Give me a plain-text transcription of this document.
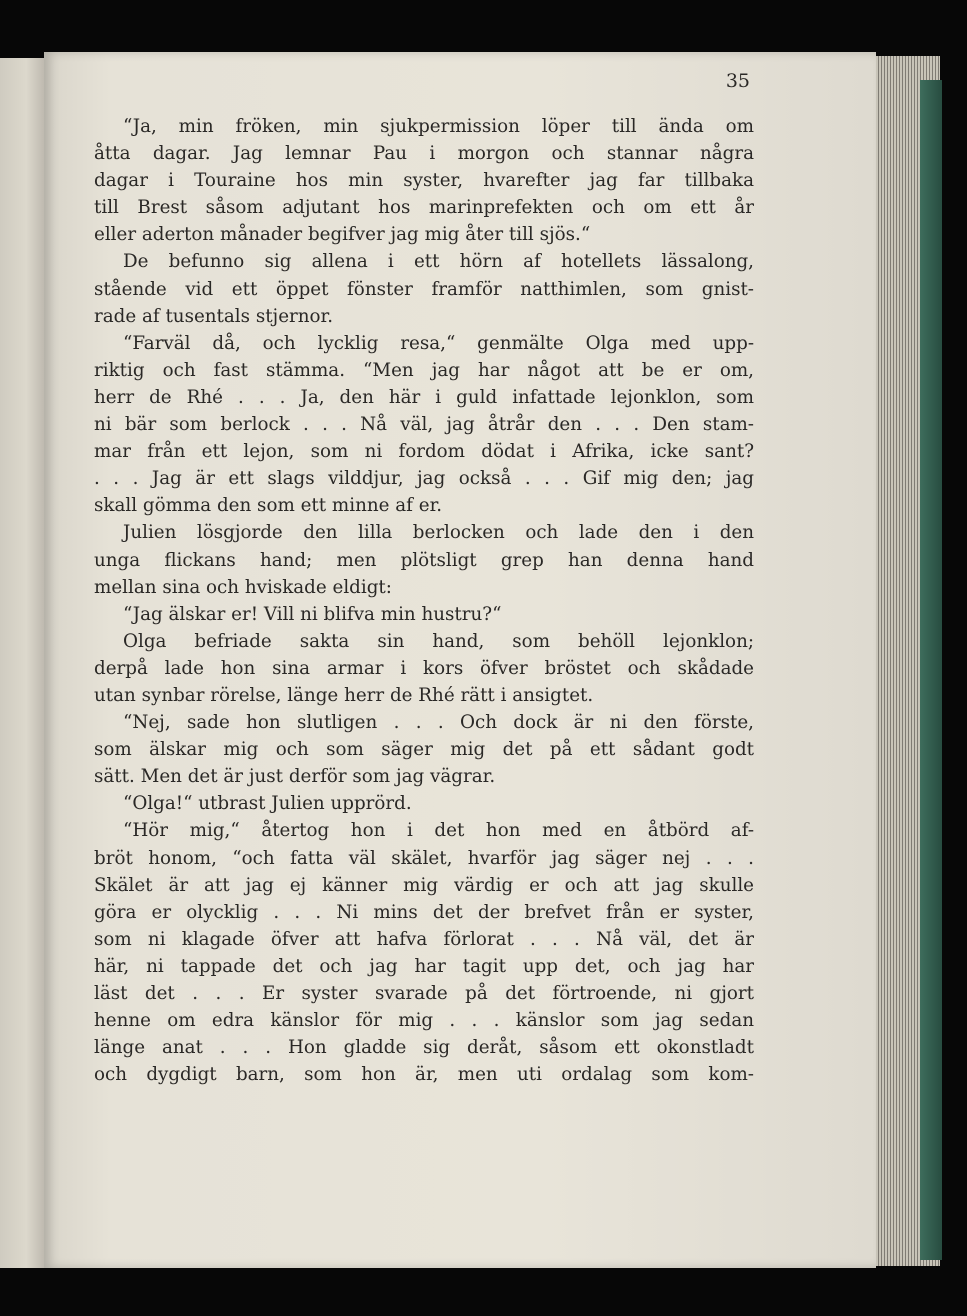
35
“Ja, min fröken, min sjukpermission löper till ända om
åtta dagar. Jag lemnar Pau i morgon och stannar några
dagar i Touraine hos min syster, hvarefter jag far tillbaka
till Brest såsom adjutant hos marinprefekten och om ett år
eller aderton månader begifver jag mig åter till sjös.“
De befunno sig allena i ett hörn af hotellets lässalong,
stående vid ett öppet fönster framför natthimlen, som gnist-
rade af tusentals stjernor.
“Farväl då, och lycklig resa,“ genmälte Olga med upp-
riktig och fast stämma. “Men jag har något att be er om,
herr de Rhé . . . Ja, den här i guld infattade lejonklon, som
ni bär som berlock . . . Nå väl, jag åtrår den . . . Den stam-
mar från ett lejon, som ni fordom dödat i Afrika, icke sant?
. . . Jag är ett slags vilddjur, jag också . . . Gif mig den; jag
skall gömma den som ett minne af er.
Julien lösgjorde den lilla berlocken och lade den i den
unga flickans hand; men plötsligt grep han denna hand
mellan sina och hviskade eldigt:
“Jag älskar er! Vill ni blifva min hustru?“
Olga befriade sakta sin hand, som behöll lejonklon;
derpå lade hon sina armar i kors öfver bröstet och skådade
utan synbar rörelse, länge herr de Rhé rätt i ansigtet.
“Nej, sade hon slutligen . . . Och dock är ni den förste,
som älskar mig och som säger mig det på ett sådant godt
sätt. Men det är just derför som jag vägrar.
“Olga!“ utbrast Julien upprörd.
“Hör mig,“ återtog hon i det hon med en åtbörd af-
bröt honom, “och fatta väl skälet, hvarför jag säger nej . . .
Skälet är att jag ej känner mig värdig er och att jag skulle
göra er olycklig . . . Ni mins det der brefvet från er syster,
som ni klagade öfver att hafva förlorat . . . Nå väl, det är
här, ni tappade det och jag har tagit upp det, och jag har
läst det . . . Er syster svarade på det förtroende, ni gjort
henne om edra känslor för mig . . . känslor som jag sedan
länge anat . . . Hon gladde sig deråt, såsom ett okonstladt
och dygdigt barn, som hon är, men uti ordalag som kom-
